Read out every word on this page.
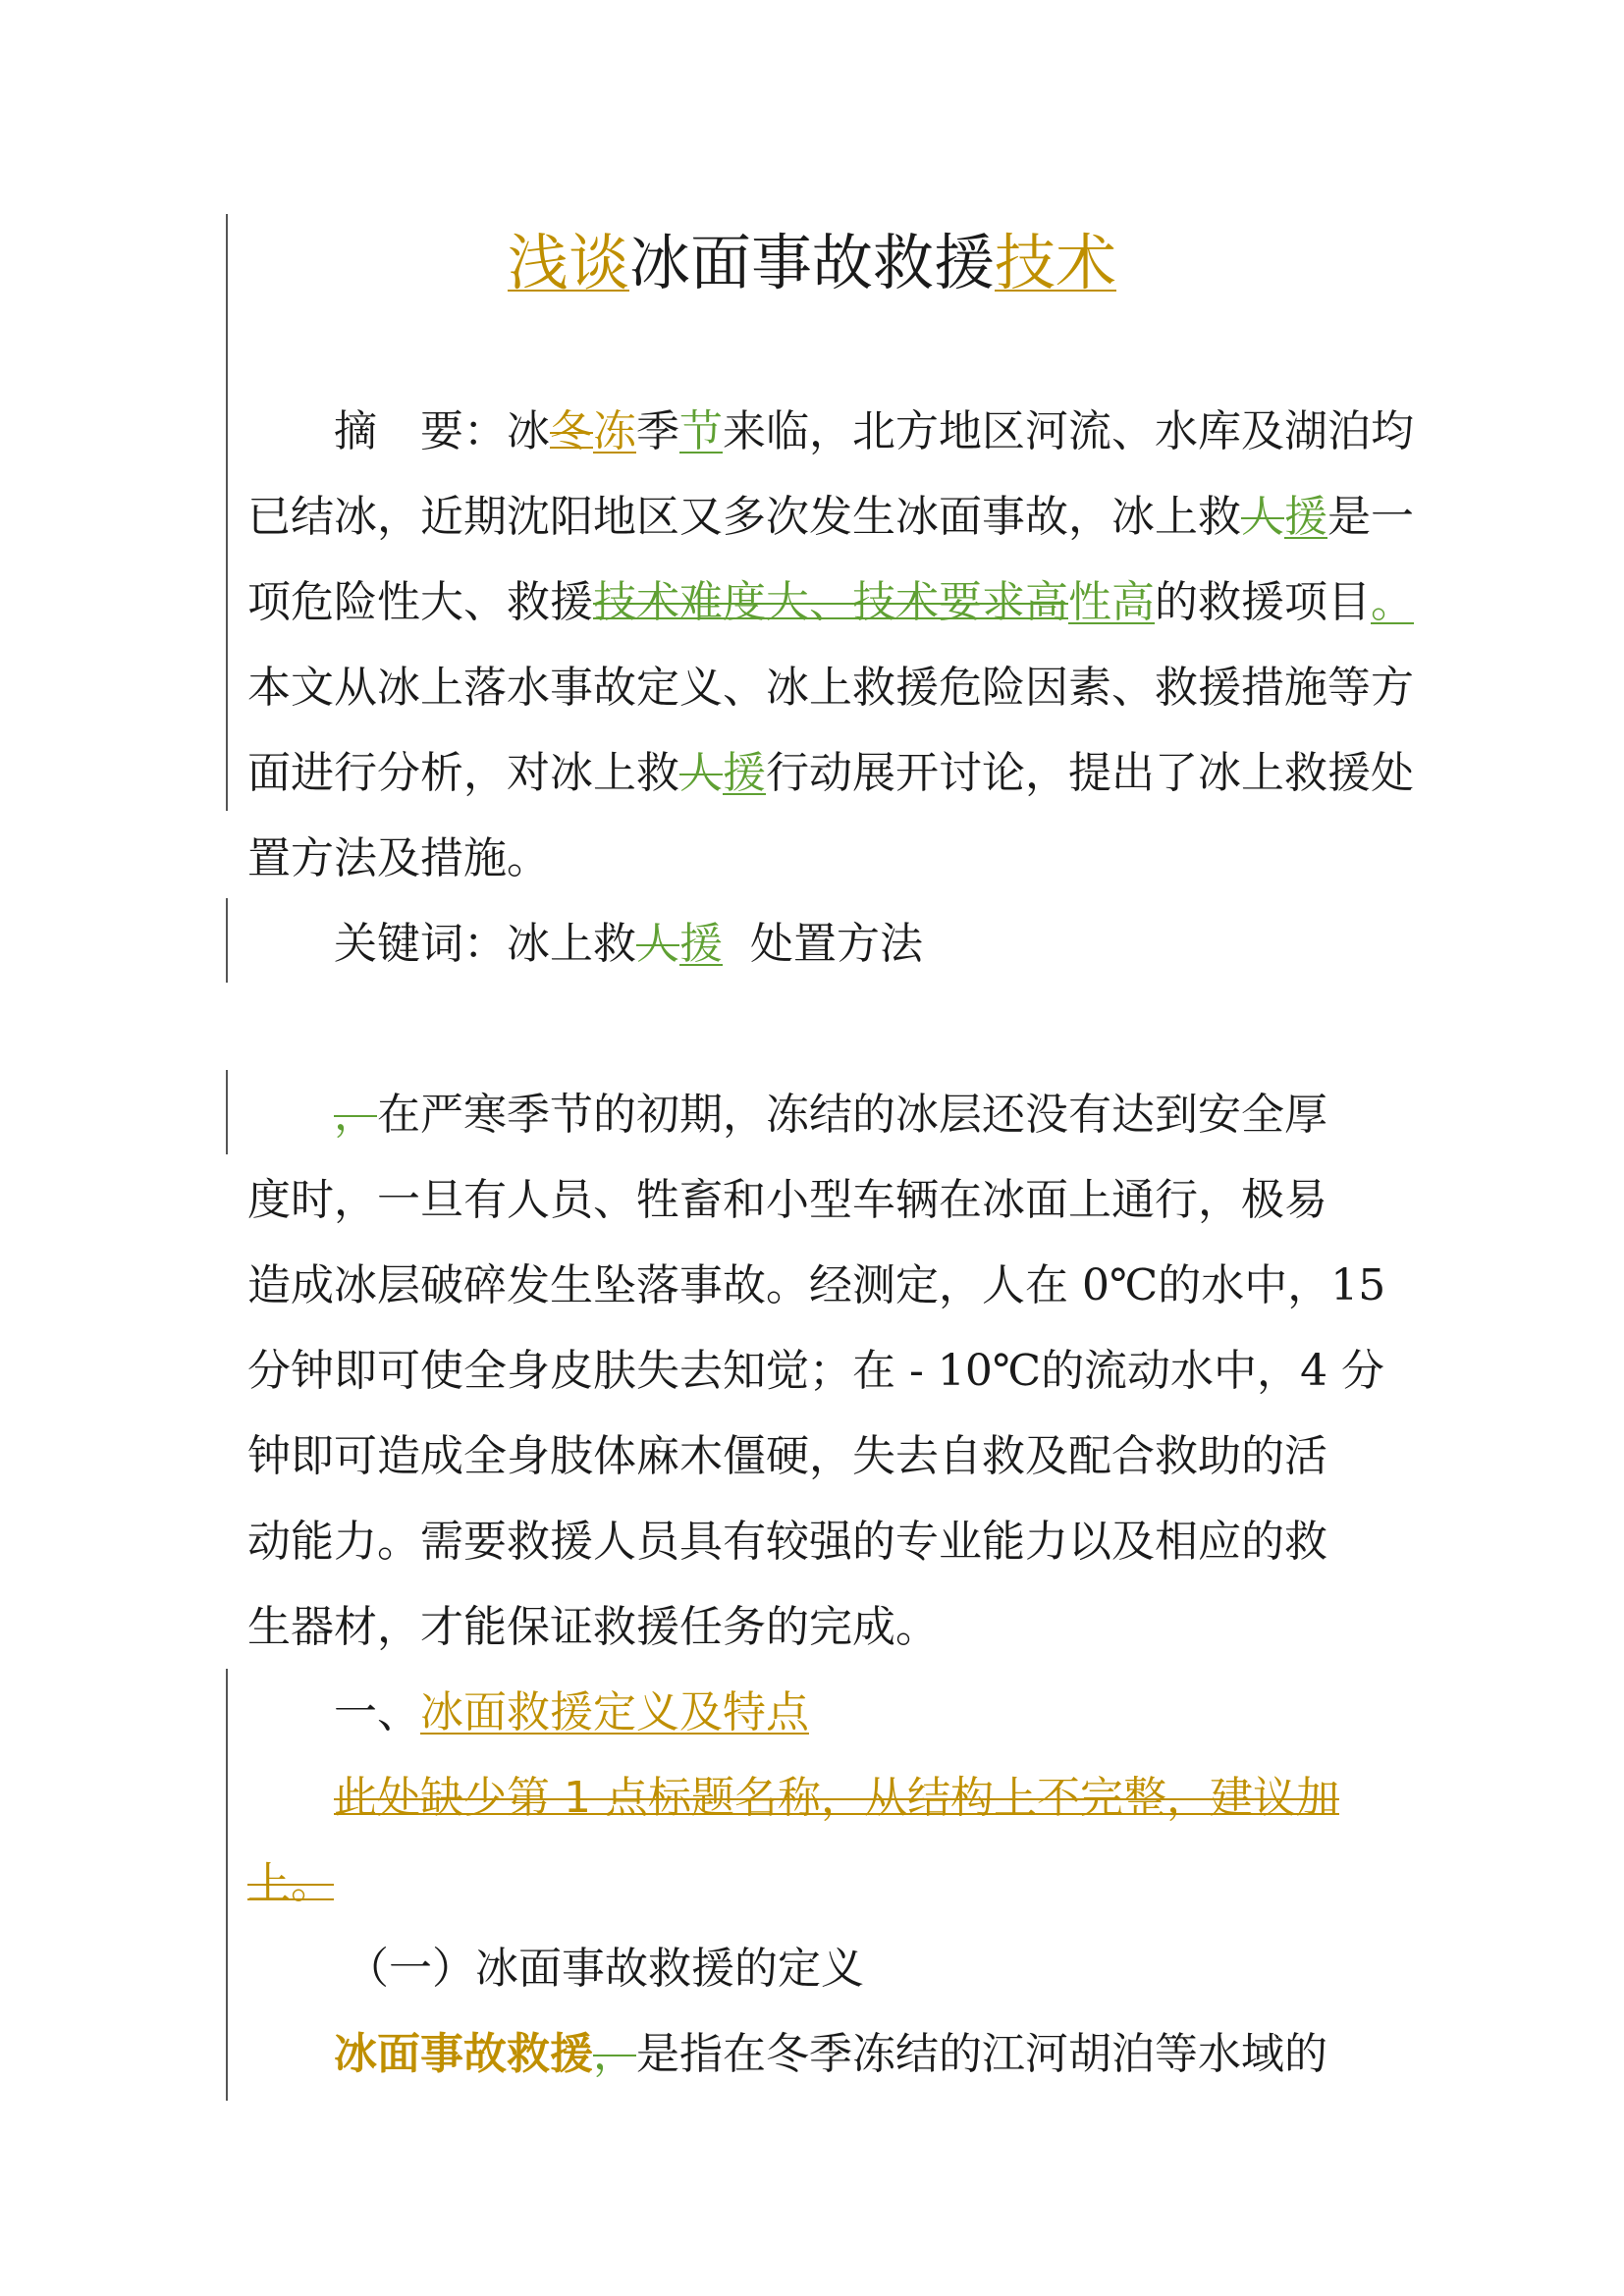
浅谈冰面事故救援技术
摘　要：冰冬冻季节来临，北方地区河流、水库及湖泊均
已结冰，近期沈阳地区又多次发生冰面事故，冰上救人援是一
项危险性大、救援技术难度大、技术要求高性高的救援项目。
本文从冰上落水事故定义、冰上救援危险因素、救援措施等方
面进行分析，对冰上救人援行动展开讨论，提出了冰上救援处
置方法及措施。
关键词：冰上救人援  处置方法
，在严寒季节的初期，冻结的冰层还没有达到安全厚
度时，一旦有人员、牲畜和小型车辆在冰面上通行，极易
造成冰层破碎发生坠落事故。经测定，人在 0℃的水中，15
分钟即可使全身皮肤失去知觉；在 - 10℃的流动水中，4 分
钟即可造成全身肢体麻木僵硬，失去自救及配合救助的活
动能力。需要救援人员具有较强的专业能力以及相应的救
生器材，才能保证救援任务的完成。
一、冰面救援定义及特点
此处缺少第 1 点标题名称，从结构上不完整，建议加
上。
（一）冰面事故救援的定义
冰面事故救援，是指在冬季冻结的江河胡泊等水域的
